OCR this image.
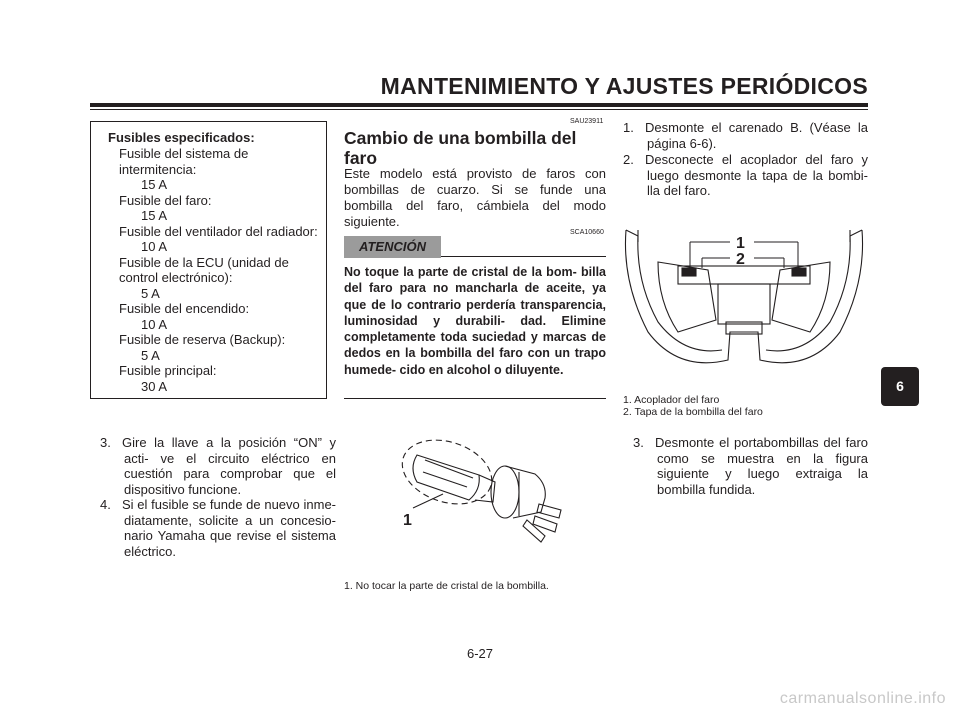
MANTENIMIENTO Y AJUSTES PERIÓDICOS
Fusibles especificados:
Fusible del sistema de intermitencia:
15 A
Fusible del faro:
15 A
Fusible del ventilador del radiador:
10 A
Fusible de la ECU (unidad de control electrónico):
5 A
Fusible del encendido:
10 A
Fusible de reserva (Backup):
5 A
Fusible principal:
30 A
3. Gire la llave a la posición “ON” y acti- ve el circuito eléctrico en cuestión para comprobar que el dispositivo funcione.
4. Si el fusible se funde de nuevo inme- diatamente, solicite a un concesio- nario Yamaha que revise el sistema eléctrico.
SAU23911
Cambio de una bombilla del faro
Este modelo está provisto de faros con bombillas de cuarzo. Si se funde una bombilla del faro, cámbiela del modo siguiente.
SCA10660
ATENCIÓN
No toque la parte de cristal de la bom- billa del faro para no mancharla de aceite, ya que de lo contrario perdería transparencia, luminosidad y durabili- dad. Elimine completamente toda suciedad y marcas de dedos en la bombilla del faro con un trapo humede- cido en alcohol o diluyente.
1
1. No tocar la parte de cristal de la bombilla.
1. Desmonte el carenado B. (Véase la página 6-6).
2. Desconecte el acoplador del faro y luego desmonte la tapa de la bombi- lla del faro.
1
2
1. Acoplador del faro
2. Tapa de la bombilla del faro
3. Desmonte el portabombillas del faro como se muestra en la figura siguiente y luego extraiga la bombilla fundida.
6-27
6
carmanualsonline.info
